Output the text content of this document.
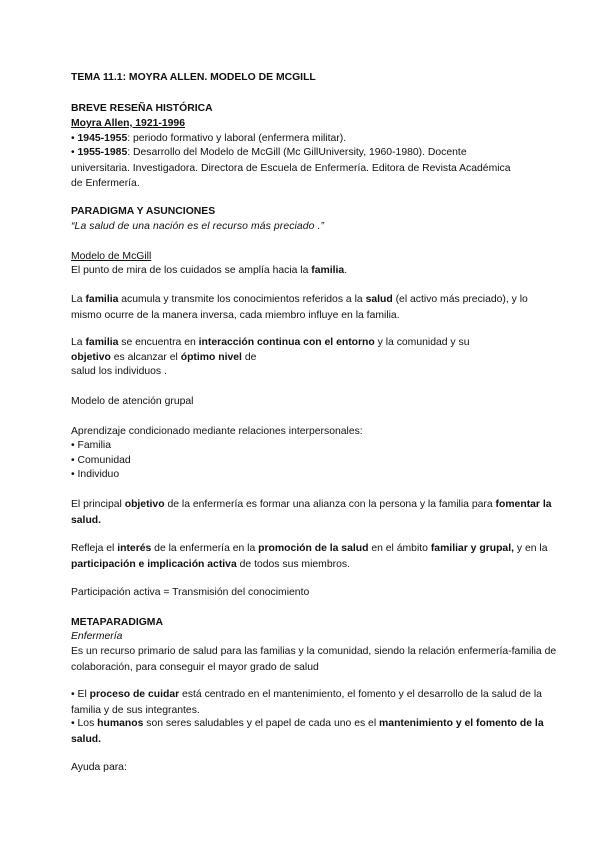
TEMA 11.1: MOYRA ALLEN. MODELO DE MCGILL

BREVE RESEÑA HISTÓRICA

Moyra Allen, 1921-1996

• 1945-1955: periodo formativo y laboral (enfermera militar).

• 1955-1985: Desarrollo del Modelo de McGill (Mc GillUniversity, 1960-1980). Docente universitaria. Investigadora. Directora de Escuela de Enfermería. Editora de Revista Académica de Enfermería.

PARADIGMA Y ASUNCIONES

“La salud de una nación es el recurso más preciado .”

Modelo de McGill

El punto de mira de los cuidados se amplía hacia la familia.

La familia acumula y transmite los conocimientos referidos a la salud (el activo más preciado), y lo mismo ocurre de la manera inversa, cada miembro influye en la familia.

La familia se encuentra en interacción continua con el entorno y la comunidad y su

objetivo es alcanzar el óptimo nivel de

salud los individuos .

Modelo de atención grupal

Aprendizaje condicionado mediante relaciones interpersonales:

• Familia

• Comunidad

• Individuo

El principal objetivo de la enfermería es formar una alianza con la persona y la familia para fomentar la salud.

Refleja el interés de la enfermería en la promoción de la salud en el ámbito familiar y grupal, y en la participación e implicación activa de todos sus miembros.

Participación activa = Transmisión del conocimiento

METAPARADIGMA

Enfermería

Es un recurso primario de salud para las familias y la comunidad, siendo la relación enfermería-familia de colaboración, para conseguir el mayor grado de salud

• El proceso de cuidar está centrado en el mantenimiento, el fomento y el desarrollo de la salud de la familia y de sus integrantes.

• Los humanos son seres saludables y el papel de cada uno es el mantenimiento y el fomento de la salud.

Ayuda para:
